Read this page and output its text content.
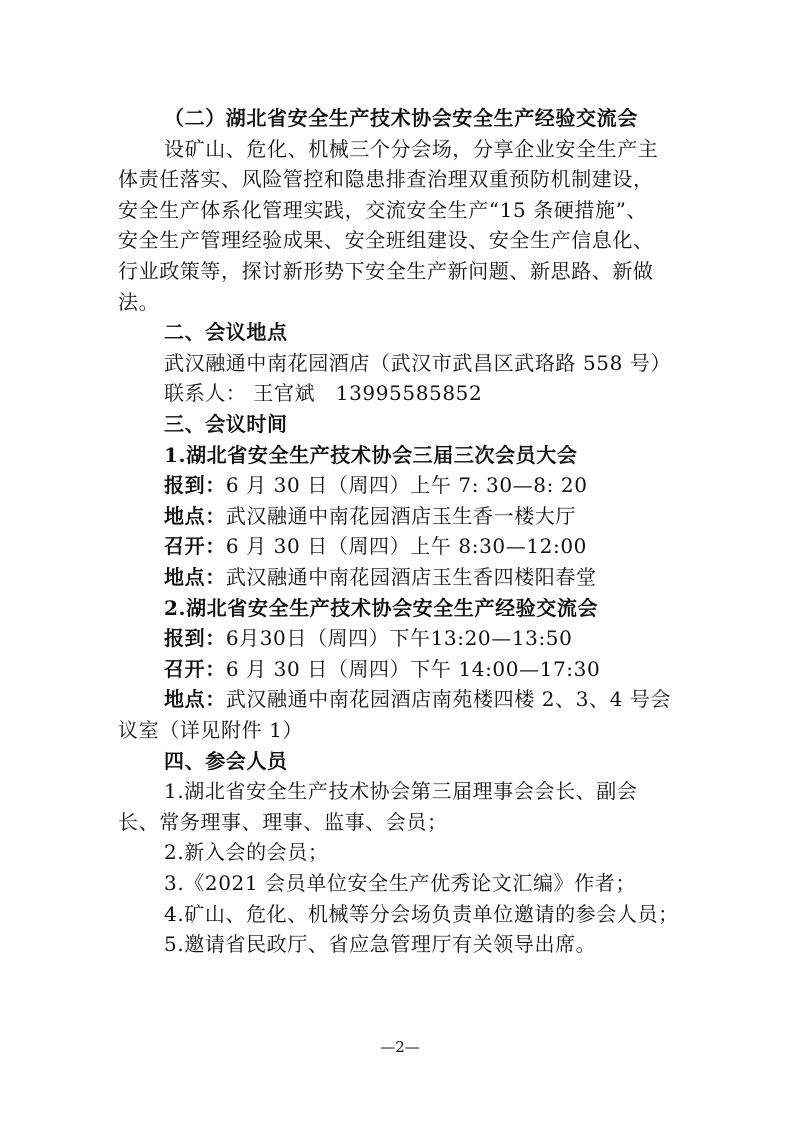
（二）湖北省安全生产技术协会安全生产经验交流会
设矿山、危化、机械三个分会场，分享企业安全生产主
体责任落实、风险管控和隐患排查治理双重预防机制建设，
安全生产体系化管理实践，交流安全生产“15 条硬措施”、
安全生产管理经验成果、安全班组建设、安全生产信息化、
行业政策等，探讨新形势下安全生产新问题、新思路、新做
法。
二、会议地点
武汉融通中南花园酒店（武汉市武昌区武珞路 558 号）
联系人： 王官斌　13995585852
三、会议时间
1.湖北省安全生产技术协会三届三次会员大会
报到：6 月 30 日（周四）上午 7: 30—8: 20
地点：武汉融通中南花园酒店玉生香一楼大厅
召开：6 月 30 日（周四）上午 8:30—12:00
地点：武汉融通中南花园酒店玉生香四楼阳春堂
2.湖北省安全生产技术协会安全生产经验交流会
报到：6月30日（周四）下午13:20—13:50
召开：6 月 30 日（周四）下午 14:00—17:30
地点：武汉融通中南花园酒店南苑楼四楼 2、3、4 号会
议室（详见附件 1）
四、参会人员
1.湖北省安全生产技术协会第三届理事会会长、副会
长、常务理事、理事、监事、会员；
2.新入会的会员；
3.《2021 会员单位安全生产优秀论文汇编》作者；
4.矿山、危化、机械等分会场负责单位邀请的参会人员；
5.邀请省民政厅、省应急管理厅有关领导出席。
—2—
